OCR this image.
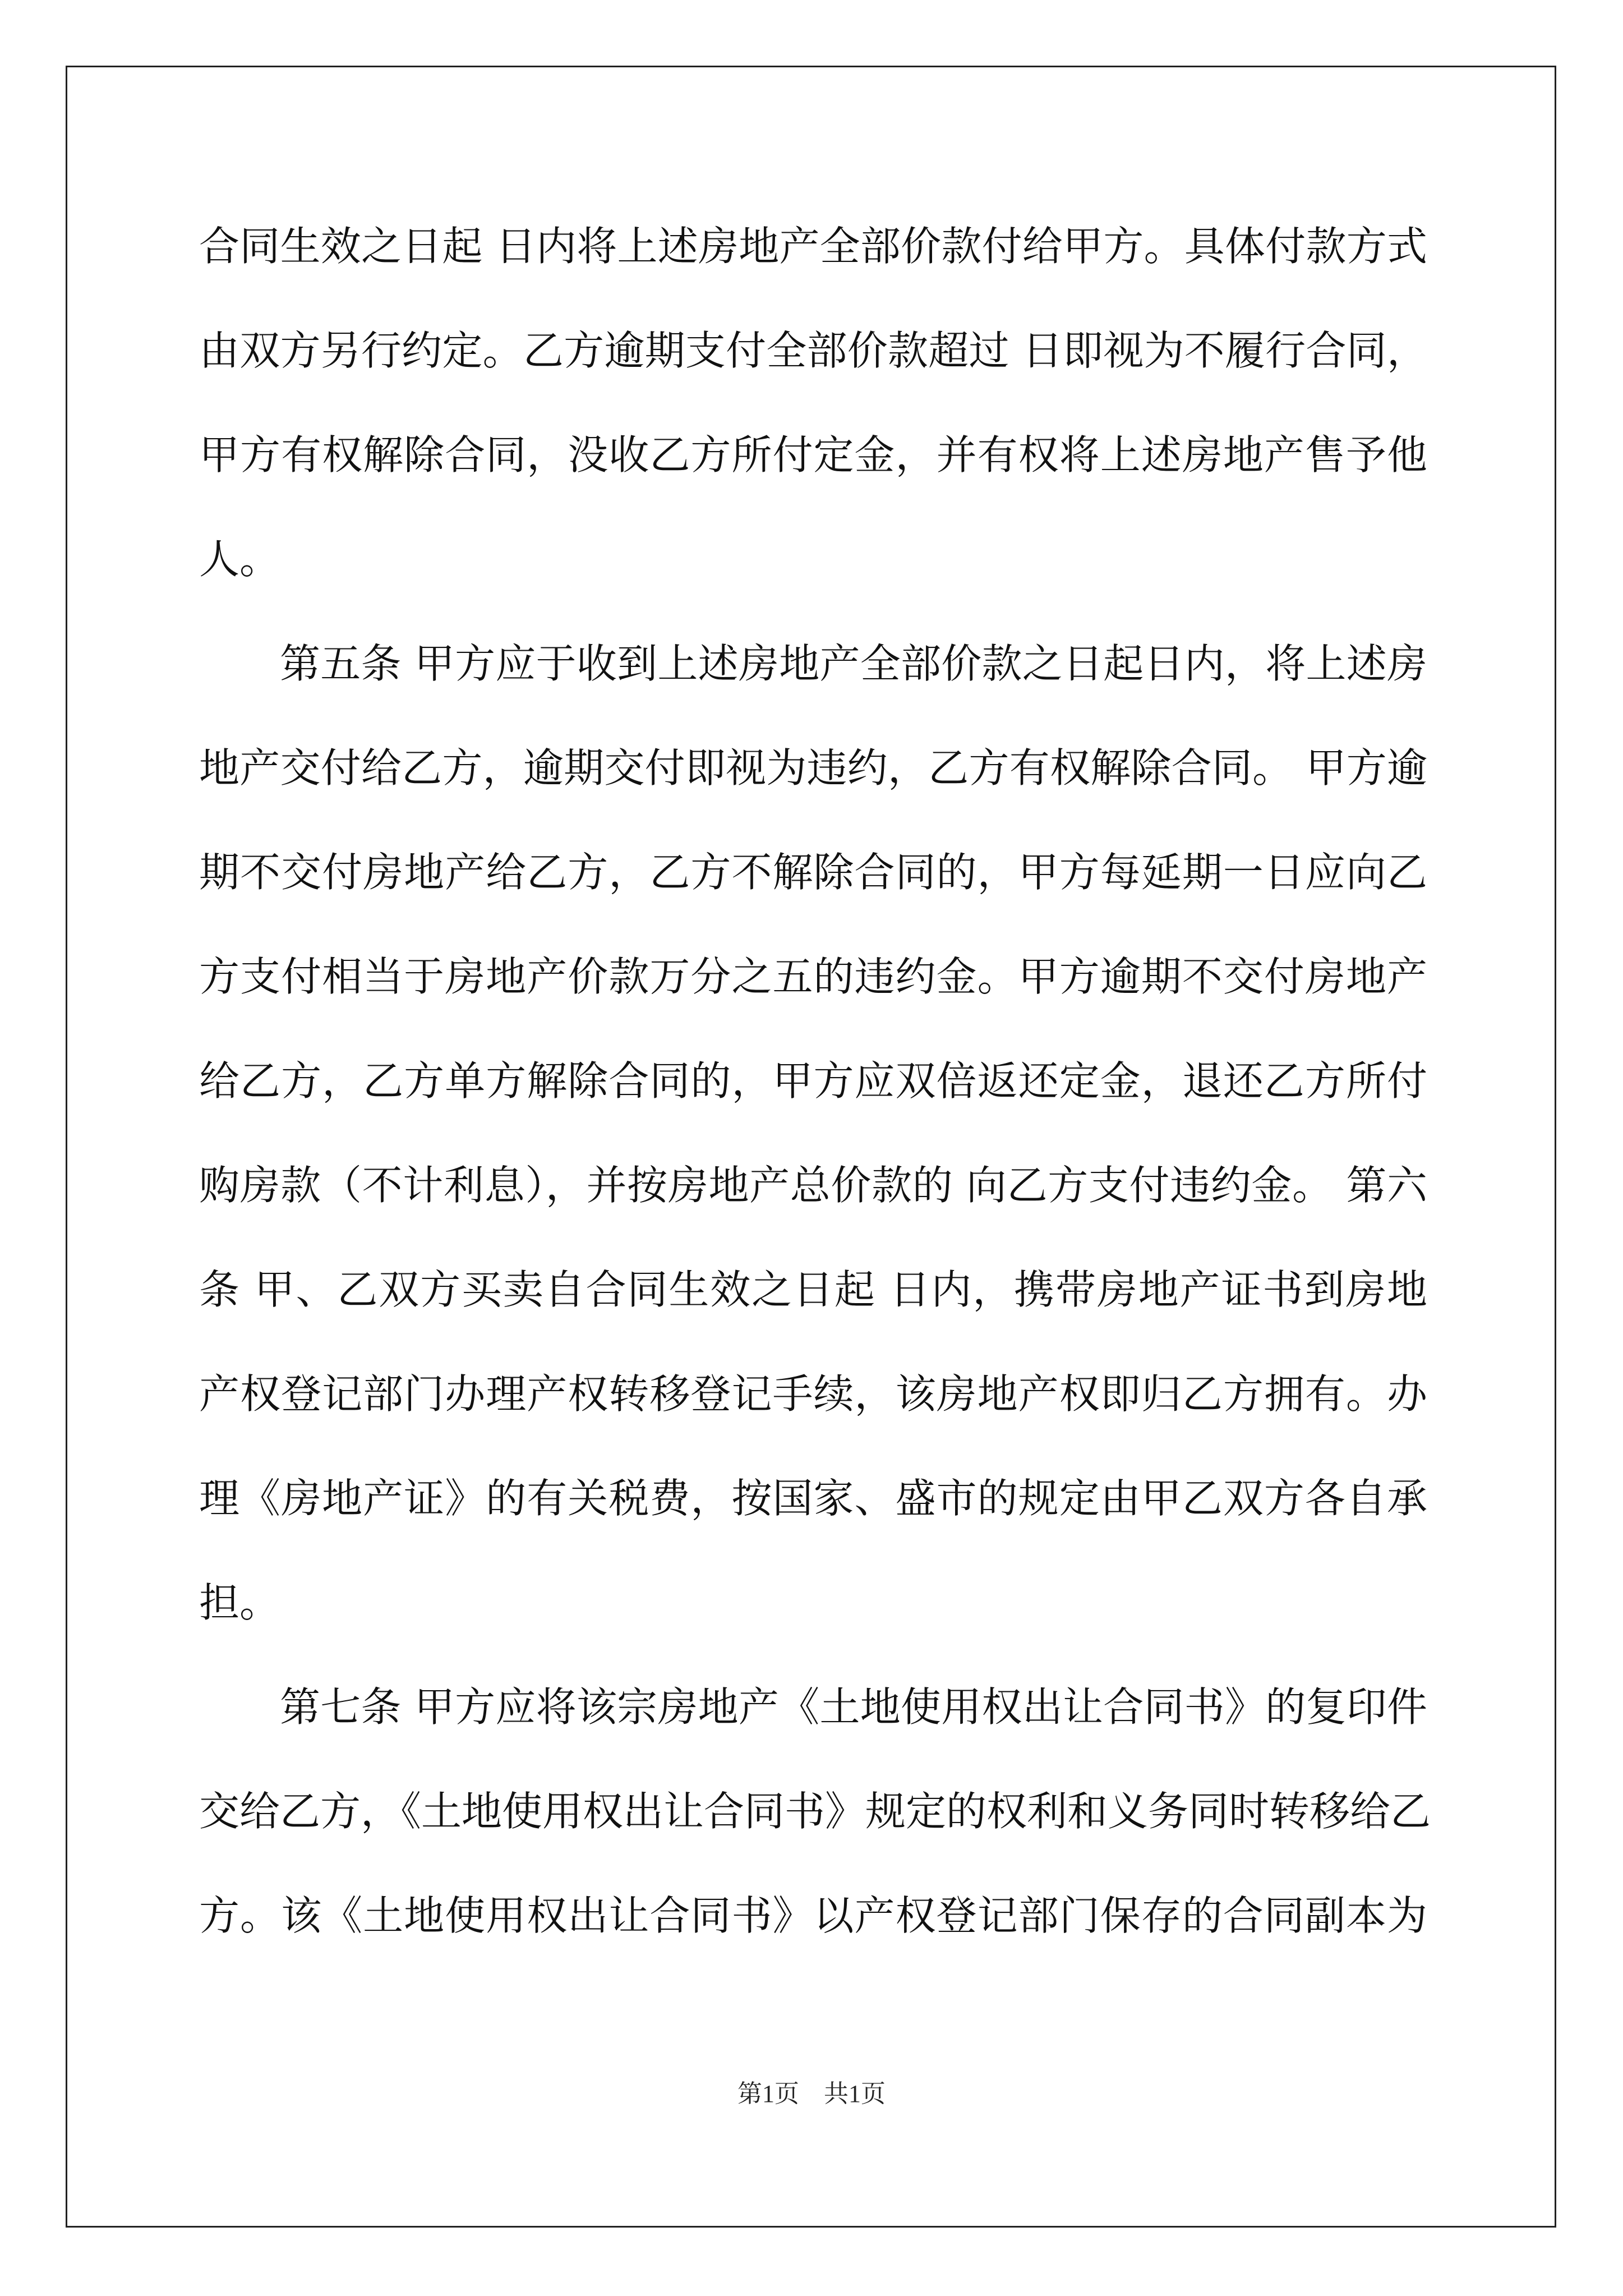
合同生效之日起 日内将上述房地产全部价款付给甲方。具体付款方式
由双方另行约定。乙方逾期支付全部价款超过 日即视为不履行合同，
甲方有权解除合同，没收乙方所付定金，并有权将上述房地产售予他
人。
第五条 甲方应于收到上述房地产全部价款之日起日内，将上述房
地产交付给乙方，逾期交付即视为违约，乙方有权解除合同。 甲方逾
期不交付房地产给乙方，乙方不解除合同的，甲方每延期一日应向乙
方支付相当于房地产价款万分之五的违约金。甲方逾期不交付房地产
给乙方，乙方单方解除合同的，甲方应双倍返还定金，退还乙方所付
购房款（不计利息），并按房地产总价款的 向乙方支付违约金。 第六
条 甲、乙双方买卖自合同生效之日起 日内，携带房地产证书到房地
产权登记部门办理产权转移登记手续，该房地产权即归乙方拥有。办
理《房地产证》的有关税费，按国家、盛市的规定由甲乙双方各自承
担。
第七条 甲方应将该宗房地产《土地使用权出让合同书》的复印件
交给乙方，《土地使用权出让合同书》规定的权利和义务同时转移给乙
方。该《土地使用权出让合同书》以产权登记部门保存的合同副本为
第1页　共1页
